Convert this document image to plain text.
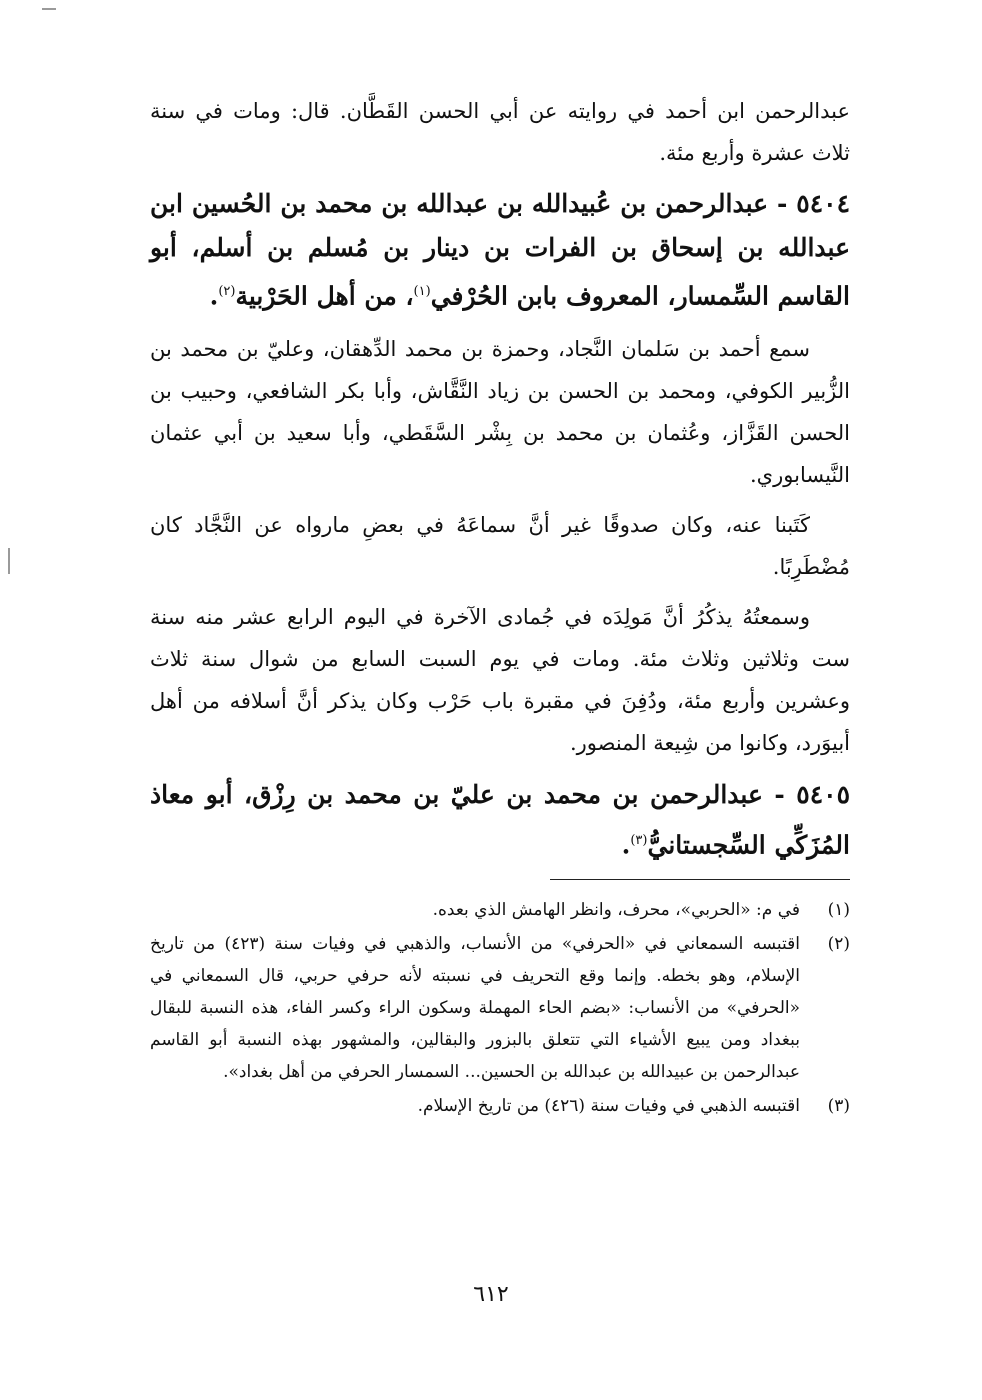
عبدالرحمن ابن أحمد في روايته عن أبي الحسن القَطَّان. قال: ومات في سنة ثلاث عشرة وأربع مئة.

٥٤٠٤ - عبدالرحمن بن عُبيدالله بن عبدالله بن محمد بن الحُسين ابن عبدالله بن إسحاق بن الفرات بن دينار بن مُسلم بن أسلم، أبو القاسم السِّمسار، المعروف بابن الحُرْفي$^{(١)}$، من أهل الحَرْبية$^{(٢)}$.

سمع أحمد بن سَلمان النَّجاد، وحمزة بن محمد الدِّهقان، وعليّ بن محمد بن الزُّبير الكوفي، ومحمد بن الحسن بن زياد النَّقَّاش، وأبا بكر الشافعي، وحبيب بن الحسن القَزَّاز، وعُثمان بن محمد بن بِشْر السَّقَطي، وأبا سعيد بن أبي عثمان النَّيسابوري.

كَتَبنا عنه، وكان صدوقًا غير أنَّ سماعَهُ في بعضِ مارواه عن النَّجَّاد كان مُضْطَرِبًا.

وسمعتُهُ يذكُرُ أنَّ مَولِدَه في جُمادى الآخرة في اليوم الرابع عشر منه سنة ست وثلاثين وثلاث مئة. ومات في يوم السبت السابع من شوال سنة ثلاث وعشرين وأربع مئة، ودُفِنَ في مقبرة باب حَرْب وكان يذكر أنَّ أسلافه من أهل أبيوَرد، وكانوا من شِيعة المنصور.

٥٤٠٥ - عبدالرحمن بن محمد بن عليّ بن محمد بن رِزْق، أبو معاذ المُزَكِّي السِّجستانيُّ$^{(٣)}$.

(١)
في م: «الحربي»، محرف، وانظر الهامش الذي بعده.
(٢)
اقتبسه السمعاني في «الحرفي» من الأنساب، والذهبي في وفيات سنة (٤٢٣) من تاريخ الإسلام، وهو بخطه. وإنما وقع التحريف في نسبته لأنه حرفي حربي، قال السمعاني في «الحرفي» من الأنساب: «بضم الحاء المهملة وسكون الراء وكسر الفاء، هذه النسبة للبقال ببغداد ومن يبيع الأشياء التي تتعلق بالبزور والبقالين، والمشهور بهذه النسبة أبو القاسم عبدالرحمن بن عبيدالله بن عبدالله بن الحسين... السمسار الحرفي من أهل بغداد».
(٣)
اقتبسه الذهبي في وفيات سنة (٤٢٦) من تاريخ الإسلام.
٦١٢
